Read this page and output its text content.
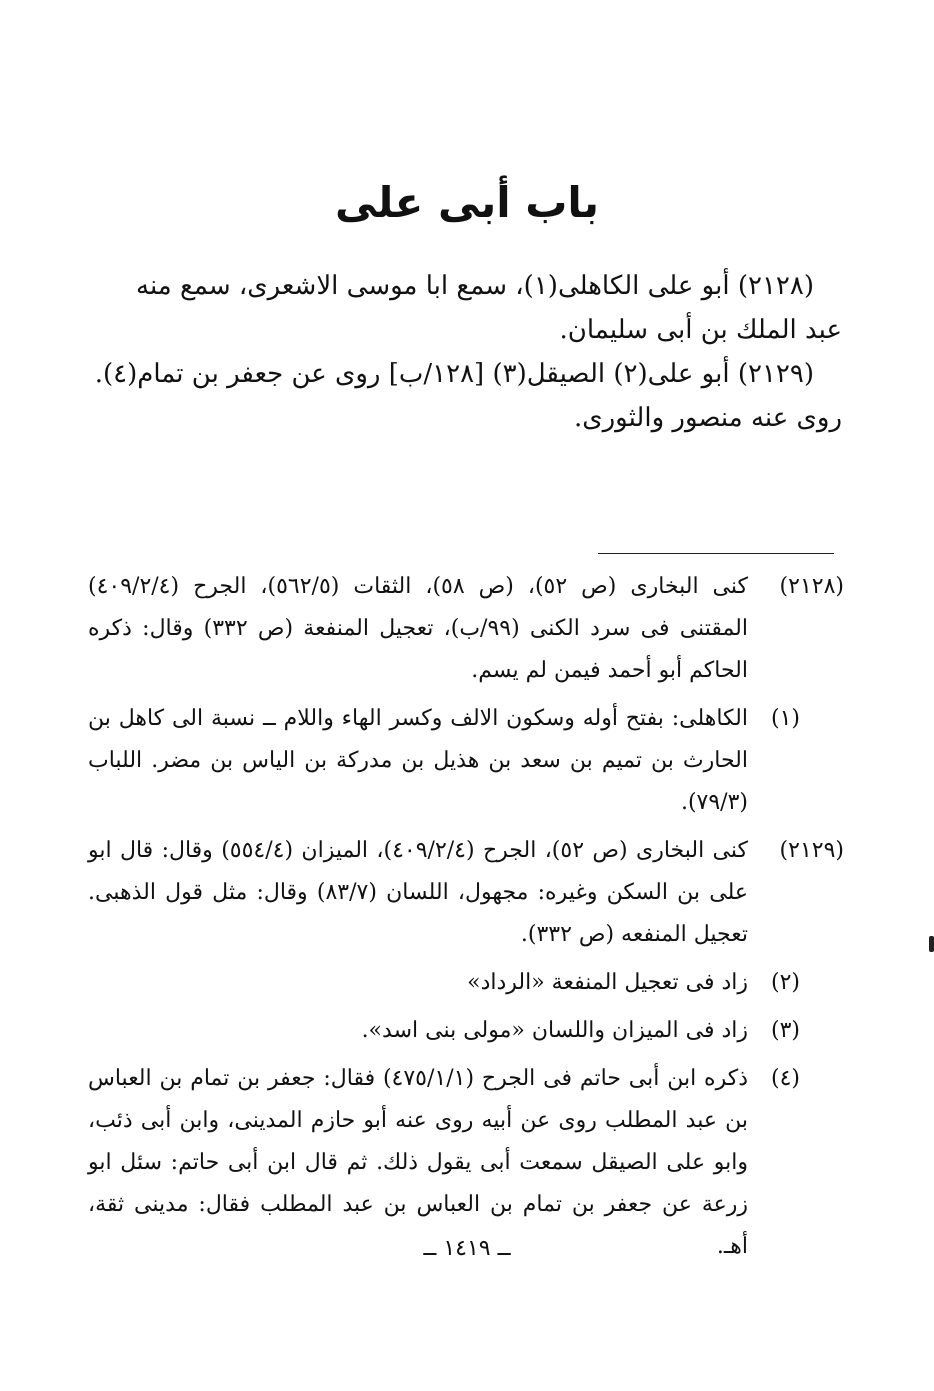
باب أبى على

(٢١٢٨) أبو على الكاهلى(١)، سمع ابا موسى الاشعرى، سمع منه

عبد الملك بن أبى سليمان.

(٢١٢٩) أبو على(٢) الصيقل(٣) [١٢٨/ب] روى عن جعفر بن تمام(٤).

روى عنه منصور والثورى.

(٢١٢٨)
كنى البخارى (ص ٥٢)، (ص ٥٨)، الثقات (٥٦٢/٥)، الجرح (٤٠٩/٢/٤) المقتنى فى سرد الكنى (٩٩/ب)، تعجيل المنفعة (ص ٣٣٢) وقال: ذكره الحاكم أبو أحمد فيمن لم يسم.
(١)
الكاهلى: بفتح أوله وسكون الالف وكسر الهاء واللام ــ نسبة الى كاهل بن الحارث بن تميم بن سعد بن هذيل بن مدركة بن الياس بن مضر. اللباب (٧٩/٣).
(٢١٢٩)
كنى البخارى (ص ٥٢)، الجرح (٤٠٩/٢/٤)، الميزان (٥٥٤/٤) وقال: قال ابو على بن السكن وغيره: مجهول، اللسان (٨٣/٧) وقال: مثل قول الذهبى. تعجيل المنفعه (ص ٣٣٢).
(٢)
زاد فى تعجيل المنفعة «الرداد»
(٣)
زاد فى الميزان واللسان «مولى بنى اسد».
(٤)
ذكره ابن أبى حاتم فى الجرح (٤٧٥/١/١) فقال: جعفر بن تمام بن العباس بن عبد المطلب روى عن أبيه روى عنه أبو حازم المدينى، وابن أبى ذئب، وابو على الصيقل سمعت أبى يقول ذلك. ثم قال ابن أبى حاتم: سئل ابو زرعة عن جعفر بن تمام بن العباس بن عبد المطلب فقال: مدينى ثقة، أهـ.
ــ ١٤١٩ ــ
